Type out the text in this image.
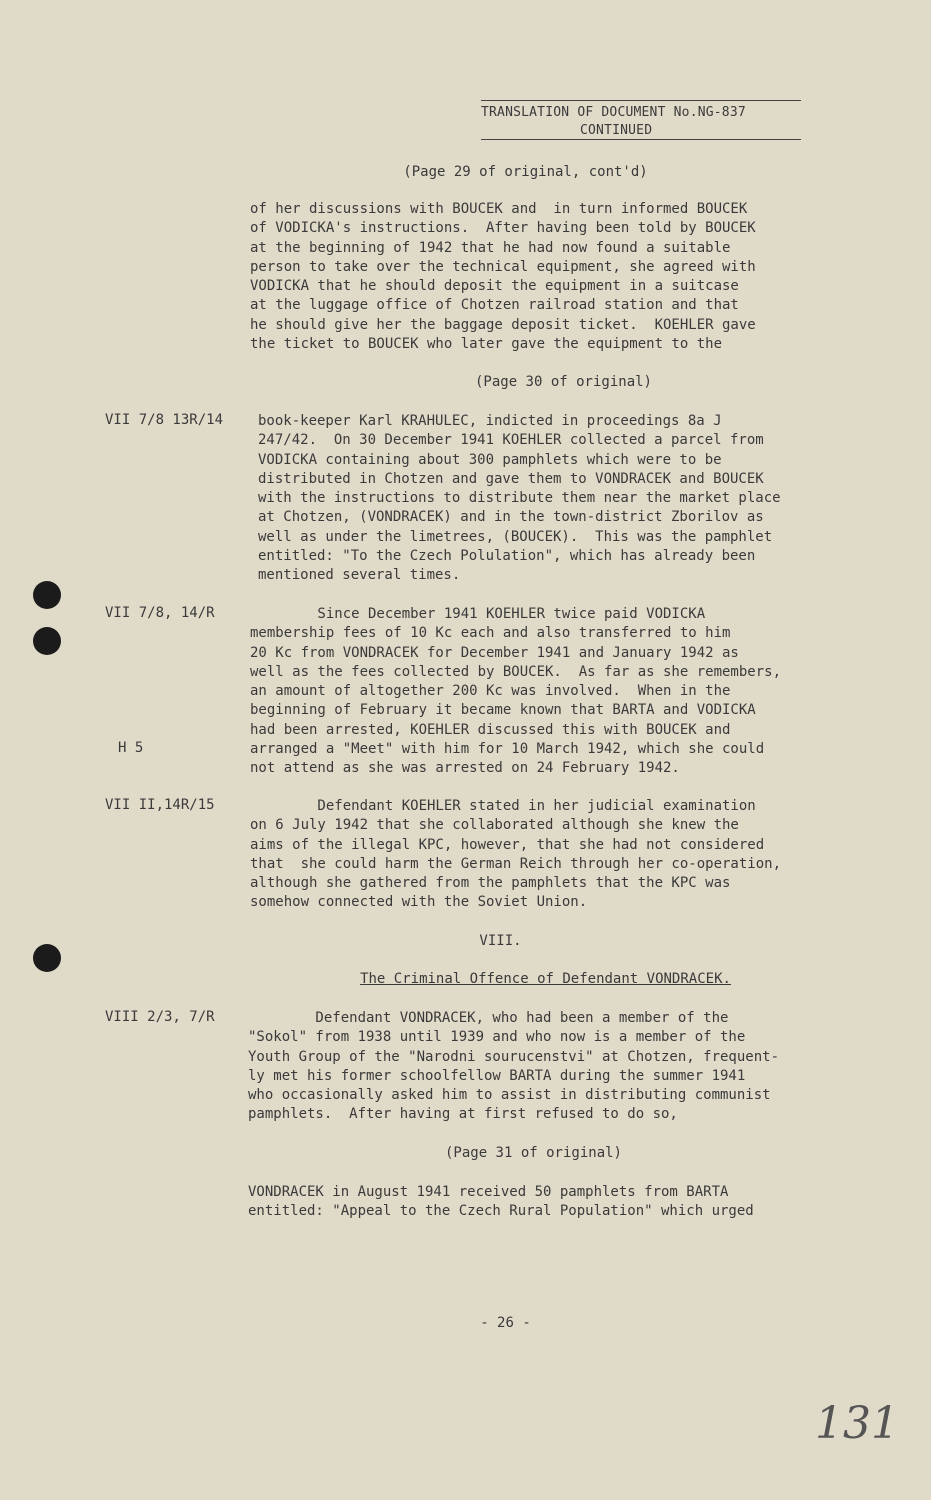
TRANSLATION OF DOCUMENT No.NG-837
CONTINUED
(Page 29 of original, cont'd)
of her discussions with BOUCEK and  in turn informed BOUCEK
of VODICKA's instructions.  After having been told by BOUCEK
at the beginning of 1942 that he had now found a suitable
person to take over the technical equipment, she agreed with
VODICKA that he should deposit the equipment in a suitcase
at the luggage office of Chotzen railroad station and that
he should give her the baggage deposit ticket.  KOEHLER gave
the ticket to BOUCEK who later gave the equipment to the
(Page 30 of original)
VII 7/8 13R/14 book-keeper Karl KRAHULEC, indicted in proceedings 8a J
247/42.  On 30 December 1941 KOEHLER collected a parcel from
VODICKA containing about 300 pamphlets which were to be
distributed in Chotzen and gave them to VONDRACEK and BOUCEK
with the instructions to distribute them near the market place
at Chotzen, (VONDRACEK) and in the town-district Zborilov as
well as under the limetrees, (BOUCEK).  This was the pamphlet
entitled: "To the Czech Polulation", which has already been
mentioned several times.
VII 7/8, 14/R
H 5
Since December 1941 KOEHLER twice paid VODICKA
membership fees of 10 Kc each and also transferred to him
20 Kc from VONDRACEK for December 1941 and January 1942 as
well as the fees collected by BOUCEK.  As far as she remembers,
an amount of altogether 200 Kc was involved.  When in the
beginning of February it became known that BARTA and VODICKA
had been arrested, KOEHLER discussed this with BOUCEK and
arranged a "Meet" with him for 10 March 1942, which she could
not attend as she was arrested on 24 February 1942.
VII II,14R/15	Defendant KOEHLER stated in her judicial examination
on 6 July 1942 that she collaborated although she knew the
aims of the illegal KPC, however, that she had not considered
that  she could harm the German Reich through her co-operation,
although she gathered from the pamphlets that the KPC was
somehow connected with the Soviet Union.
VIII.
The Criminal Offence of Defendant VONDRACEK.
VIII 2/3, 7/R Defendant VONDRACEK, who had been a member of the
"Sokol" from 1938 until 1939 and who now is a member of the
Youth Group of the "Narodni sourucenstvi" at Chotzen, frequent-
ly met his former schoolfellow BARTA during the summer 1941
who occasionally asked him to assist in distributing communist
pamphlets.  After having at first refused to do so,
(Page 31 of original)
VONDRACEK in August 1941 received 50 pamphlets from BARTA
entitled: "Appeal to the Czech Rural Population" which urged
- 26 -
131
